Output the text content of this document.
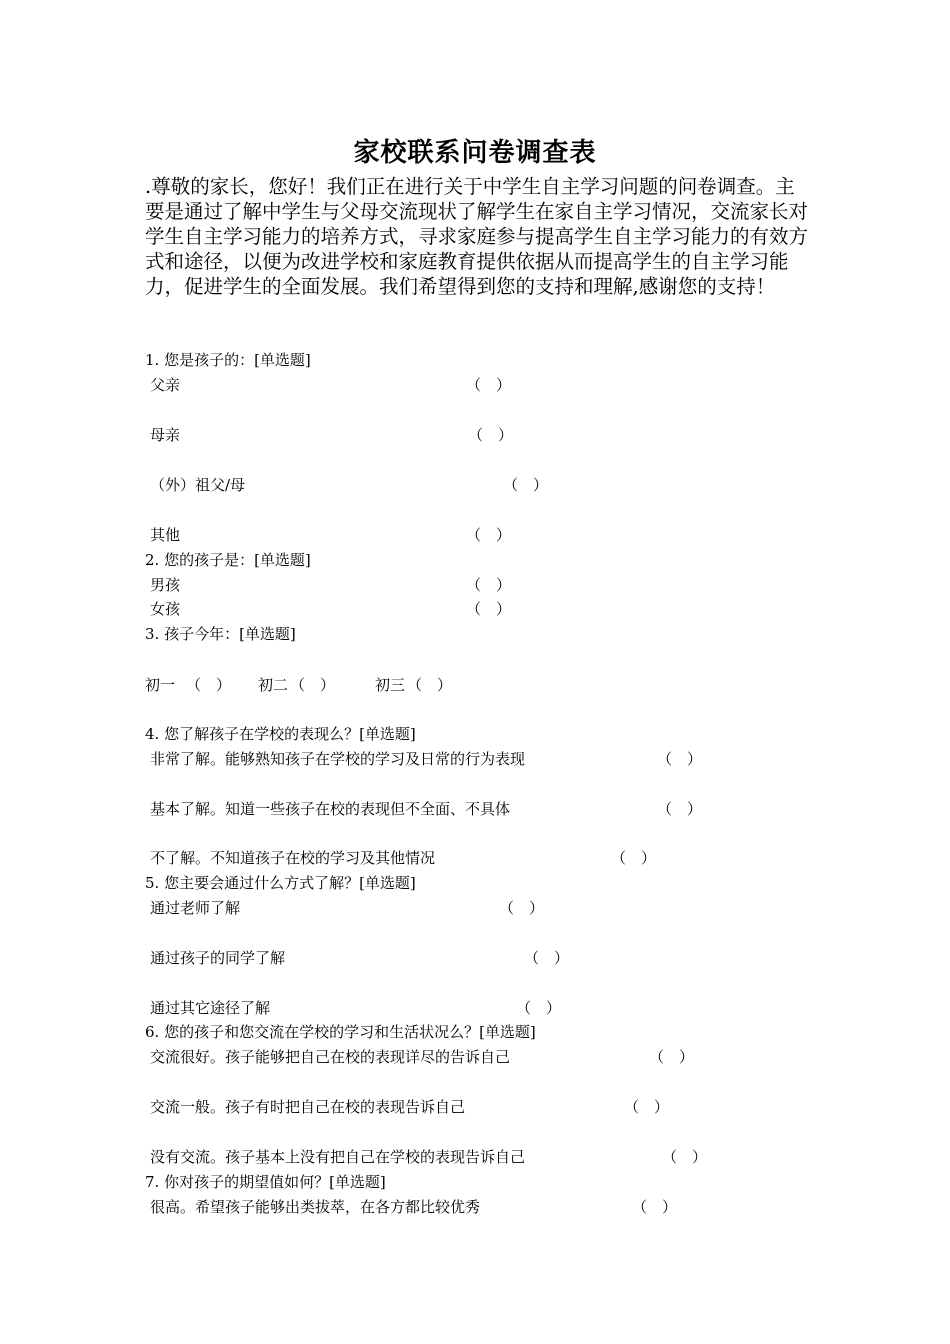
家校联系问卷调查表
.尊敬的家长，您好！我们正在进行关于中学生自主学习问题的问卷调查。主要是通过了解中学生与父母交流现状了解学生在家自主学习情况，交流家长对学生自主学习能力的培养方式，寻求家庭参与提高学生自主学习能力的有效方式和途径，以便为改进学校和家庭教育提供依据从而提高学生的自主学习能力，促进学生的全面发展。我们希望得到您的支持和理解,感谢您的支持！
1. 您是孩子的：[单选题]
父亲	（　）
母亲	（　）
（外）祖父/母	（　）
其他	（　）
2. 您的孩子是：[单选题]
男孩	（　）
女孩	（　）
3. 孩子今年：[单选题]
初一 （　） 初二 （　）	初三 （　）
4. 您了解孩子在学校的表现么？[单选题]
非常了解。能够熟知孩子在学校的学习及日常的行为表现	（　）
基本了解。知道一些孩子在校的表现但不全面、不具体	（　）
不了解。不知道孩子在校的学习及其他情况	（　）
5. 您主要会通过什么方式了解？[单选题]
通过老师了解	（　）
通过孩子的同学了解	（　）
通过其它途径了解	（　）
6. 您的孩子和您交流在学校的学习和生活状况么？[单选题]
交流很好。孩子能够把自己在校的表现详尽的告诉自己	（　）
交流一般。孩子有时把自己在校的表现告诉自己	（　）
没有交流。孩子基本上没有把自己在学校的表现告诉自己	（　）
7. 你对孩子的期望值如何？[单选题]
很高。希望孩子能够出类拔萃，在各方都比较优秀	（　）
